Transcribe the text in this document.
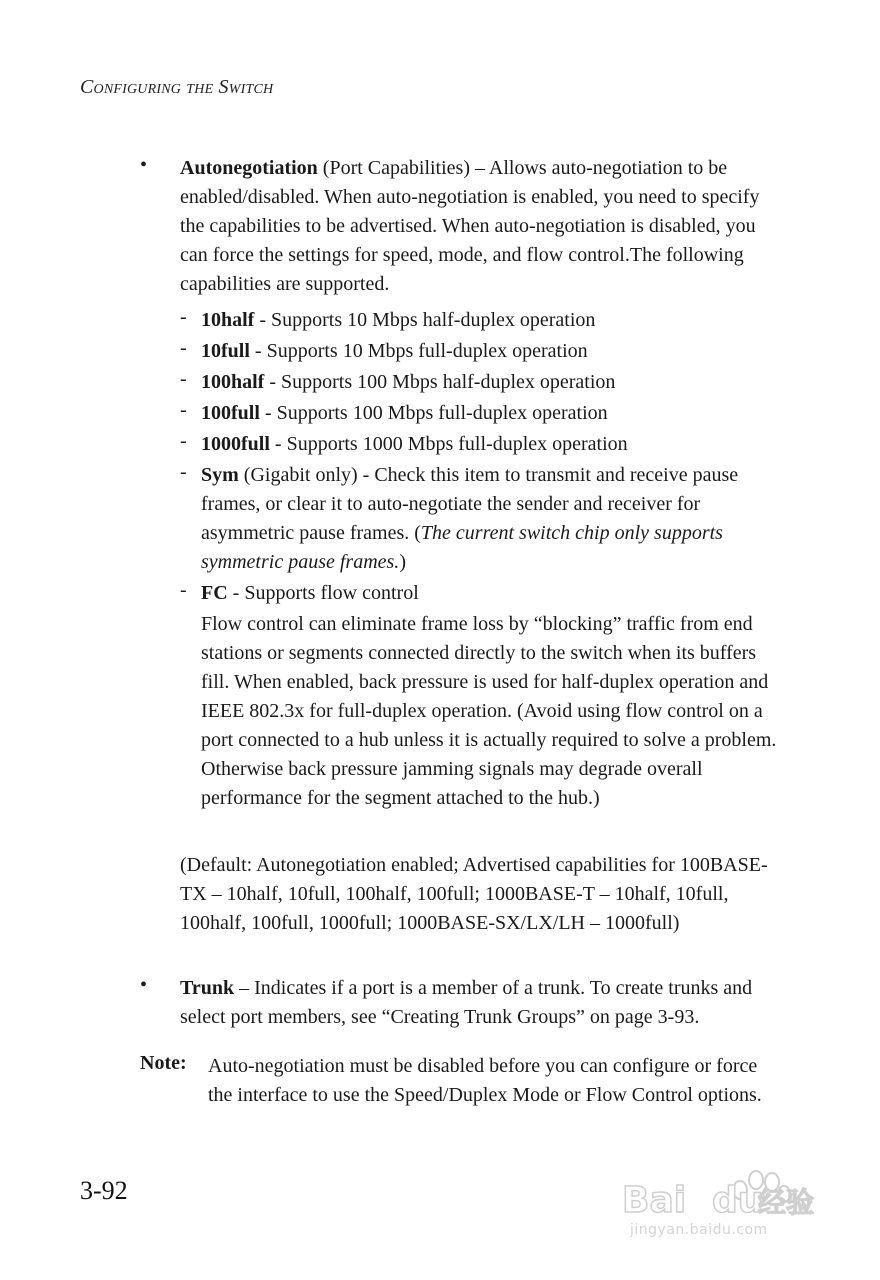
Configuring the Switch
• Autonegotiation (Port Capabilities) – Allows auto-negotiation to be enabled/disabled. When auto-negotiation is enabled, you need to specify the capabilities to be advertised. When auto-negotiation is disabled, you can force the settings for speed, mode, and flow control.The following capabilities are supported.
- 10half - Supports 10 Mbps half-duplex operation
- 10full - Supports 10 Mbps full-duplex operation
- 100half - Supports 100 Mbps half-duplex operation
- 100full - Supports 100 Mbps full-duplex operation
- 1000full - Supports 1000 Mbps full-duplex operation
- Sym (Gigabit only) - Check this item to transmit and receive pause frames, or clear it to auto-negotiate the sender and receiver for asymmetric pause frames. (The current switch chip only supports symmetric pause frames.)
- FC - Supports flow control
Flow control can eliminate frame loss by “blocking” traffic from end stations or segments connected directly to the switch when its buffers fill. When enabled, back pressure is used for half-duplex operation and IEEE 802.3x for full-duplex operation. (Avoid using flow control on a port connected to a hub unless it is actually required to solve a problem. Otherwise back pressure jamming signals may degrade overall performance for the segment attached to the hub.)
(Default: Autonegotiation enabled; Advertised capabilities for 100BASE-TX – 10half, 10full, 100half, 100full; 1000BASE-T – 10half, 10full, 100half, 100full, 1000full; 1000BASE-SX/LX/LH – 1000full)
• Trunk – Indicates if a port is a member of a trunk. To create trunks and select port members, see “Creating Trunk Groups” on page 3-93.
Note: Auto-negotiation must be disabled before you can configure or force the interface to use the Speed/Duplex Mode or Flow Control options.
3-92	Bai du
经验
jingyan.baidu.com
